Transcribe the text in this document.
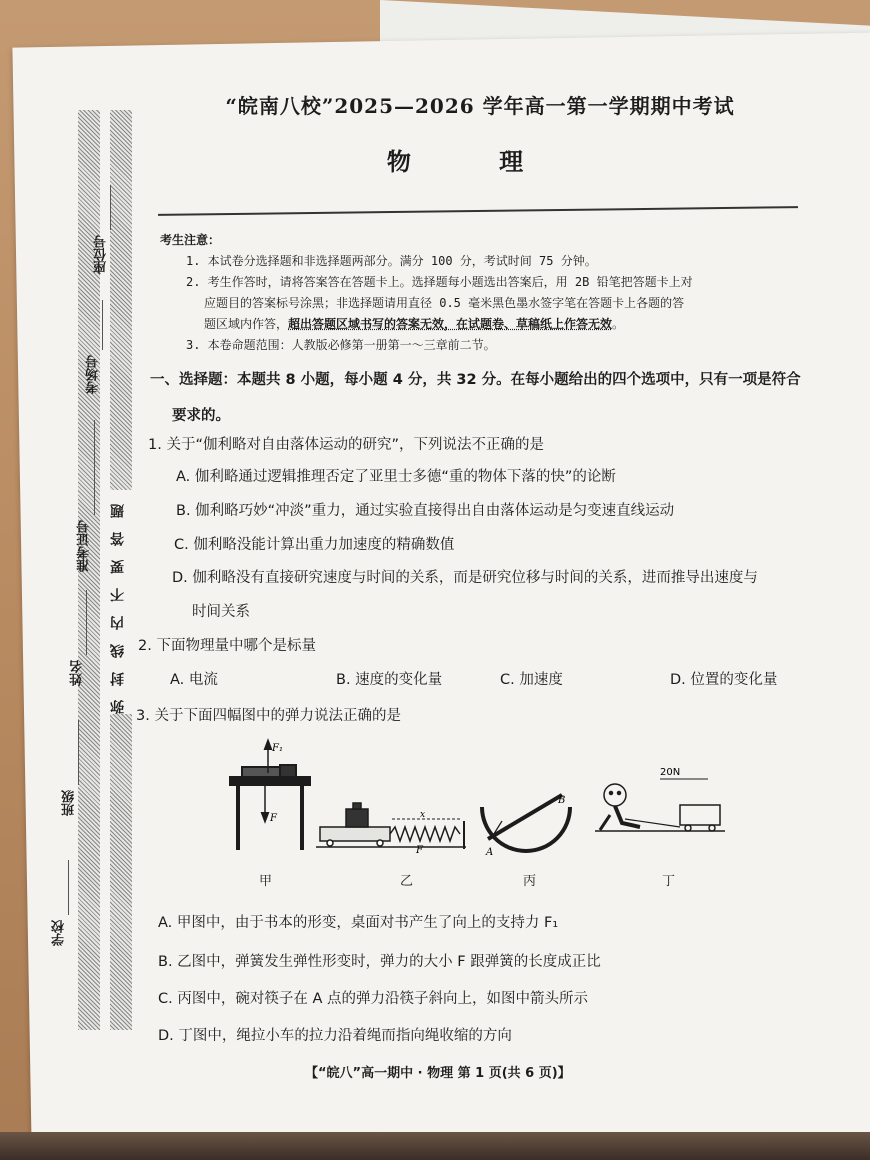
弥封线内不要答题
座位号
考场号
准考证号
姓名
班级
学校
“皖南八校”2025—2026 学年高一第一学期期中考试
物 理
考生注意：
1. 本试卷分选择题和非选择题两部分。满分 100 分，考试时间 75 分钟。
2. 考生作答时，请将答案答在答题卡上。选择题每小题选出答案后，用 2B 铅笔把答题卡上对
应题目的答案标号涂黑；非选择题请用直径 0.5 毫米黑色墨水签字笔在答题卡上各题的答
题区域内作答，超出答题区域书写的答案无效，在试题卷、草稿纸上作答无效。
3. 本卷命题范围：人教版必修第一册第一～三章前二节。
一、选择题：本题共 8 小题，每小题 4 分，共 32 分。在每小题给出的四个选项中，只有一项是符合
要求的。
1. 关于“伽利略对自由落体运动的研究”，下列说法不正确的是
A. 伽利略通过逻辑推理否定了亚里士多德“重的物体下落的快”的论断
B. 伽利略巧妙“冲淡”重力，通过实验直接得出自由落体运动是匀变速直线运动
C. 伽利略没能计算出重力加速度的精确数值
D. 伽利略没有直接研究速度与时间的关系，而是研究位移与时间的关系，进而推导出速度与
时间关系
2. 下面物理量中哪个是标量
A. 电流	B. 速度的变化量	C. 加速度	D. 位置的变化量
3. 关于下面四幅图中的弹力说法正确的是
F₁
F	x
F	A
B
20N
甲	乙	丙	丁
A. 甲图中，由于书本的形变，桌面对书产生了向上的支持力 F₁
B. 乙图中，弹簧发生弹性形变时，弹力的大小 F 跟弹簧的长度成正比
C. 丙图中，碗对筷子在 A 点的弹力沿筷子斜向上，如图中箭头所示
D. 丁图中，绳拉小车的拉力沿着绳而指向绳收缩的方向
【“皖八”高一期中 · 物理 第 1 页(共 6 页)】
